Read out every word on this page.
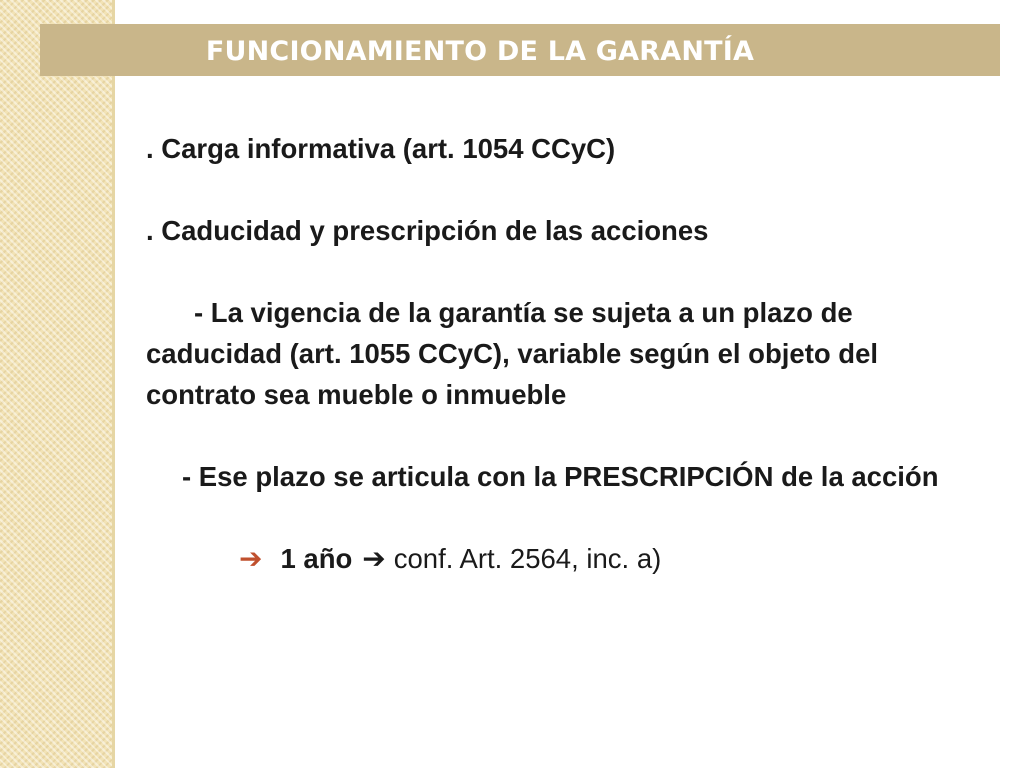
FUNCIONAMIENTO DE LA GARANTÍA

. Carga informativa (art. 1054 CCyC)

. Caducidad y prescripción de las acciones

- La vigencia de la garantía se sujeta a un plazo de caducidad (art. 1055 CCyC), variable según el objeto del contrato sea mueble o inmueble

- Ese plazo se articula con la PRESCRIPCIÓN de la acción

➔ 1 año ➔ conf. Art. 2564, inc. a)
